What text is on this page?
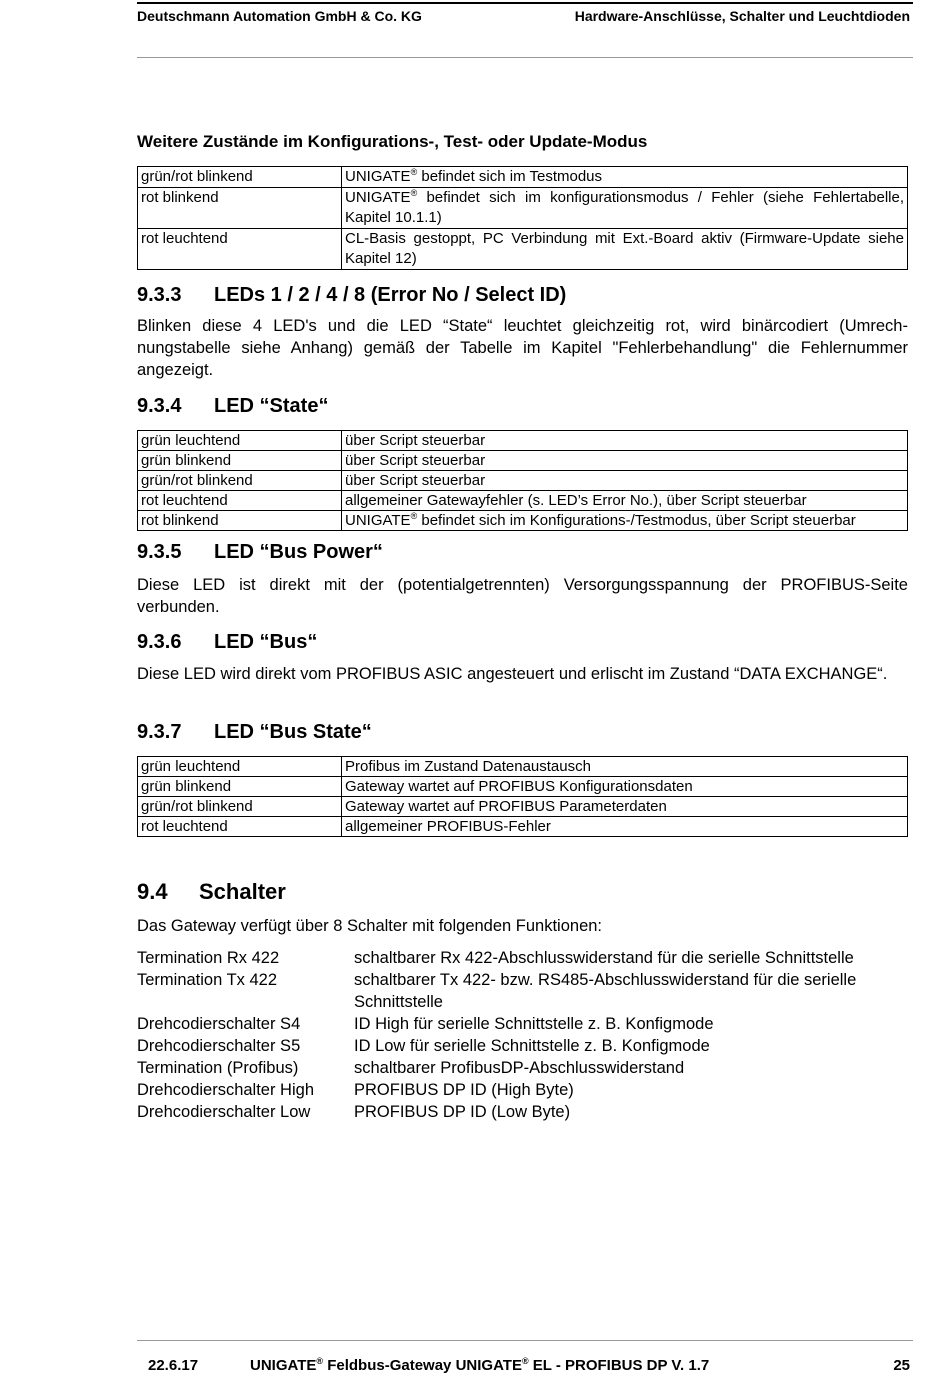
Deutschmann Automation GmbH & Co. KG	Hardware-Anschlüsse, Schalter und Leuchtdioden
Weitere Zustände im Konfigurations-, Test- oder Update-Modus
grün/rot blinkend	UNIGATE® befindet sich im Testmodus
rot blinkend	UNIGATE® befindet sich im konfigurationsmodus / Fehler (siehe Fehlertabelle, Kapitel 10.1.1)
rot leuchtend	CL-Basis gestoppt, PC Verbindung mit Ext.-Board aktiv (Firmware-Update siehe Kapitel 12)
9.3.3 LEDs 1 / 2 / 4 / 8 (Error No / Select ID)
Blinken diese 4 LED's und die LED “State“ leuchtet gleichzeitig rot, wird binärcodiert (Umrechnungstabelle siehe Anhang) gemäß der Tabelle im Kapitel "Fehlerbehandlung" die Fehlernummer angezeigt.
9.3.4 LED “State“
grün leuchtend	über Script steuerbar
grün blinkend	über Script steuerbar
grün/rot blinkend	über Script steuerbar
rot leuchtend	allgemeiner Gatewayfehler (s. LED’s Error No.), über Script steuerbar
rot blinkend	UNIGATE® befindet sich im Konfigurations-/Testmodus, über Script steuerbar
9.3.5 LED “Bus Power“
Diese LED ist direkt mit der (potentialgetrennten) Versorgungsspannung der PROFIBUS-Seite verbunden.
9.3.6 LED “Bus“
Diese LED wird direkt vom PROFIBUS ASIC angesteuert und erlischt im Zustand “DATA EXCHANGE“.
9.3.7 LED “Bus State“
grün leuchtend	Profibus im Zustand Datenaustausch
grün blinkend	Gateway wartet auf PROFIBUS Konfigurationsdaten
grün/rot blinkend	Gateway wartet auf PROFIBUS Parameterdaten
rot leuchtend	allgemeiner PROFIBUS-Fehler
9.4 Schalter
Das Gateway verfügt über 8 Schalter mit folgenden Funktionen:
Termination Rx 422	schaltbarer Rx 422-Abschlusswiderstand für die serielle Schnittstelle
Termination Tx 422	schaltbarer Tx 422- bzw. RS485-Abschlusswiderstand für die serielle Schnittstelle
Drehcodierschalter S4	ID High für serielle Schnittstelle z. B. Konfigmode
Drehcodierschalter S5	ID Low für serielle Schnittstelle z. B. Konfigmode
Termination (Profibus)	schaltbarer ProfibusDP-Abschlusswiderstand
Drehcodierschalter High	PROFIBUS DP ID (High Byte)
Drehcodierschalter Low	PROFIBUS DP ID (Low Byte)
22.6.17	UNIGATE® Feldbus-Gateway UNIGATE® EL - PROFIBUS DP V. 1.7	25
